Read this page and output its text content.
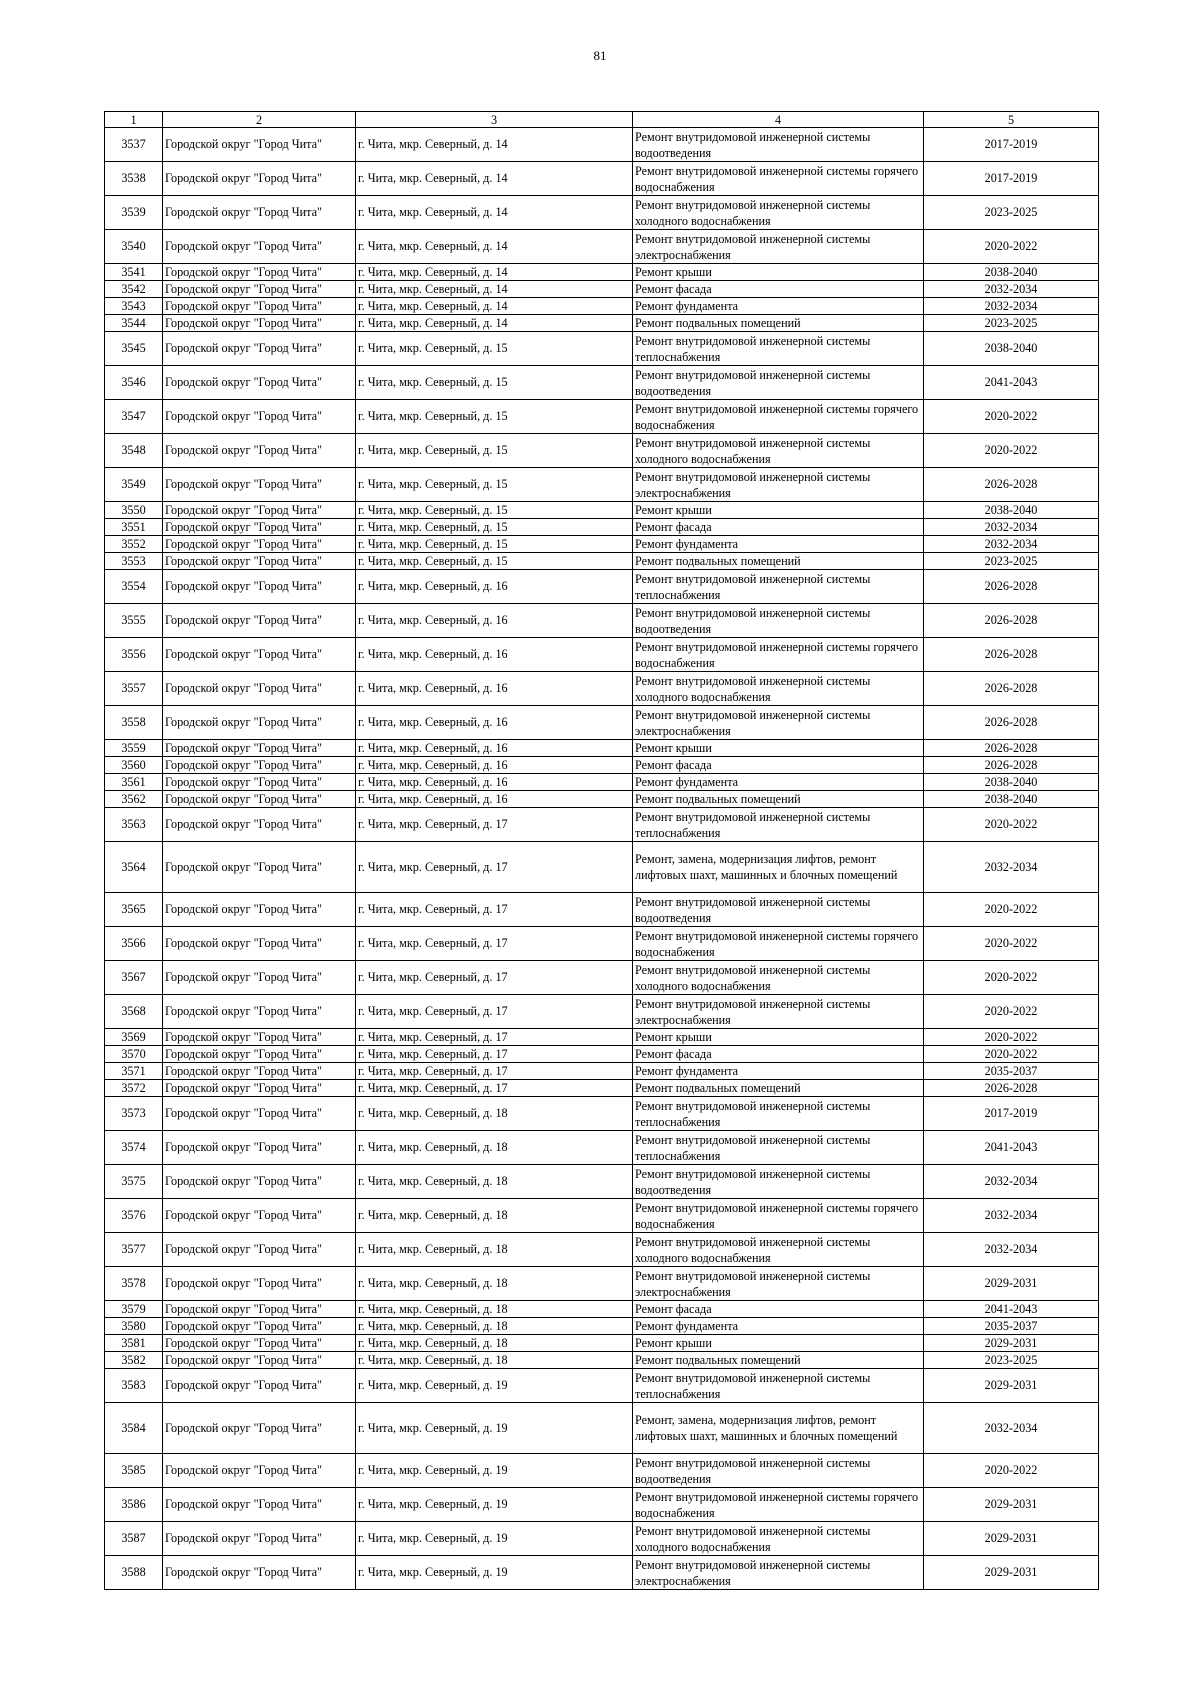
81
1	2	3	4	5
3537	Городской округ "Город Чита"	г. Чита, мкр. Северный, д. 14	Ремонт внутридомовой инженерной системы водоотведения	2017-2019
3538	Городской округ "Город Чита"	г. Чита, мкр. Северный, д. 14	Ремонт внутридомовой инженерной системы горячего водоснабжения	2017-2019
3539	Городской округ "Город Чита"	г. Чита, мкр. Северный, д. 14	Ремонт внутридомовой инженерной системы холодного водоснабжения	2023-2025
3540	Городской округ "Город Чита"	г. Чита, мкр. Северный, д. 14	Ремонт внутридомовой инженерной системы электроснабжения	2020-2022
3541	Городской округ "Город Чита"	г. Чита, мкр. Северный, д. 14	Ремонт крыши	2038-2040
3542	Городской округ "Город Чита"	г. Чита, мкр. Северный, д. 14	Ремонт фасада	2032-2034
3543	Городской округ "Город Чита"	г. Чита, мкр. Северный, д. 14	Ремонт фундамента	2032-2034
3544	Городской округ "Город Чита"	г. Чита, мкр. Северный, д. 14	Ремонт подвальных помещений	2023-2025
3545	Городской округ "Город Чита"	г. Чита, мкр. Северный, д. 15	Ремонт внутридомовой инженерной системы теплоснабжения	2038-2040
3546	Городской округ "Город Чита"	г. Чита, мкр. Северный, д. 15	Ремонт внутридомовой инженерной системы водоотведения	2041-2043
3547	Городской округ "Город Чита"	г. Чита, мкр. Северный, д. 15	Ремонт внутридомовой инженерной системы горячего водоснабжения	2020-2022
3548	Городской округ "Город Чита"	г. Чита, мкр. Северный, д. 15	Ремонт внутридомовой инженерной системы холодного водоснабжения	2020-2022
3549	Городской округ "Город Чита"	г. Чита, мкр. Северный, д. 15	Ремонт внутридомовой инженерной системы электроснабжения	2026-2028
3550	Городской округ "Город Чита"	г. Чита, мкр. Северный, д. 15	Ремонт крыши	2038-2040
3551	Городской округ "Город Чита"	г. Чита, мкр. Северный, д. 15	Ремонт фасада	2032-2034
3552	Городской округ "Город Чита"	г. Чита, мкр. Северный, д. 15	Ремонт фундамента	2032-2034
3553	Городской округ "Город Чита"	г. Чита, мкр. Северный, д. 15	Ремонт подвальных помещений	2023-2025
3554	Городской округ "Город Чита"	г. Чита, мкр. Северный, д. 16	Ремонт внутридомовой инженерной системы теплоснабжения	2026-2028
3555	Городской округ "Город Чита"	г. Чита, мкр. Северный, д. 16	Ремонт внутридомовой инженерной системы водоотведения	2026-2028
3556	Городской округ "Город Чита"	г. Чита, мкр. Северный, д. 16	Ремонт внутридомовой инженерной системы горячего водоснабжения	2026-2028
3557	Городской округ "Город Чита"	г. Чита, мкр. Северный, д. 16	Ремонт внутридомовой инженерной системы холодного водоснабжения	2026-2028
3558	Городской округ "Город Чита"	г. Чита, мкр. Северный, д. 16	Ремонт внутридомовой инженерной системы электроснабжения	2026-2028
3559	Городской округ "Город Чита"	г. Чита, мкр. Северный, д. 16	Ремонт крыши	2026-2028
3560	Городской округ "Город Чита"	г. Чита, мкр. Северный, д. 16	Ремонт фасада	2026-2028
3561	Городской округ "Город Чита"	г. Чита, мкр. Северный, д. 16	Ремонт фундамента	2038-2040
3562	Городской округ "Город Чита"	г. Чита, мкр. Северный, д. 16	Ремонт подвальных помещений	2038-2040
3563	Городской округ "Город Чита"	г. Чита, мкр. Северный, д. 17	Ремонт внутридомовой инженерной системы теплоснабжения	2020-2022
3564	Городской округ "Город Чита"	г. Чита, мкр. Северный, д. 17	Ремонт, замена, модернизация лифтов, ремонт лифтовых шахт, машинных и блочных помещений	2032-2034
3565	Городской округ "Город Чита"	г. Чита, мкр. Северный, д. 17	Ремонт внутридомовой инженерной системы водоотведения	2020-2022
3566	Городской округ "Город Чита"	г. Чита, мкр. Северный, д. 17	Ремонт внутридомовой инженерной системы горячего водоснабжения	2020-2022
3567	Городской округ "Город Чита"	г. Чита, мкр. Северный, д. 17	Ремонт внутридомовой инженерной системы холодного водоснабжения	2020-2022
3568	Городской округ "Город Чита"	г. Чита, мкр. Северный, д. 17	Ремонт внутридомовой инженерной системы электроснабжения	2020-2022
3569	Городской округ "Город Чита"	г. Чита, мкр. Северный, д. 17	Ремонт крыши	2020-2022
3570	Городской округ "Город Чита"	г. Чита, мкр. Северный, д. 17	Ремонт фасада	2020-2022
3571	Городской округ "Город Чита"	г. Чита, мкр. Северный, д. 17	Ремонт фундамента	2035-2037
3572	Городской округ "Город Чита"	г. Чита, мкр. Северный, д. 17	Ремонт подвальных помещений	2026-2028
3573	Городской округ "Город Чита"	г. Чита, мкр. Северный, д. 18	Ремонт внутридомовой инженерной системы теплоснабжения	2017-2019
3574	Городской округ "Город Чита"	г. Чита, мкр. Северный, д. 18	Ремонт внутридомовой инженерной системы теплоснабжения	2041-2043
3575	Городской округ "Город Чита"	г. Чита, мкр. Северный, д. 18	Ремонт внутридомовой инженерной системы водоотведения	2032-2034
3576	Городской округ "Город Чита"	г. Чита, мкр. Северный, д. 18	Ремонт внутридомовой инженерной системы горячего водоснабжения	2032-2034
3577	Городской округ "Город Чита"	г. Чита, мкр. Северный, д. 18	Ремонт внутридомовой инженерной системы холодного водоснабжения	2032-2034
3578	Городской округ "Город Чита"	г. Чита, мкр. Северный, д. 18	Ремонт внутридомовой инженерной системы электроснабжения	2029-2031
3579	Городской округ "Город Чита"	г. Чита, мкр. Северный, д. 18	Ремонт фасада	2041-2043
3580	Городской округ "Город Чита"	г. Чита, мкр. Северный, д. 18	Ремонт фундамента	2035-2037
3581	Городской округ "Город Чита"	г. Чита, мкр. Северный, д. 18	Ремонт крыши	2029-2031
3582	Городской округ "Город Чита"	г. Чита, мкр. Северный, д. 18	Ремонт подвальных помещений	2023-2025
3583	Городской округ "Город Чита"	г. Чита, мкр. Северный, д. 19	Ремонт внутридомовой инженерной системы теплоснабжения	2029-2031
3584	Городской округ "Город Чита"	г. Чита, мкр. Северный, д. 19	Ремонт, замена, модернизация лифтов, ремонт лифтовых шахт, машинных и блочных помещений	2032-2034
3585	Городской округ "Город Чита"	г. Чита, мкр. Северный, д. 19	Ремонт внутридомовой инженерной системы водоотведения	2020-2022
3586	Городской округ "Город Чита"	г. Чита, мкр. Северный, д. 19	Ремонт внутридомовой инженерной системы горячего водоснабжения	2029-2031
3587	Городской округ "Город Чита"	г. Чита, мкр. Северный, д. 19	Ремонт внутридомовой инженерной системы холодного водоснабжения	2029-2031
3588	Городской округ "Город Чита"	г. Чита, мкр. Северный, д. 19	Ремонт внутридомовой инженерной системы электроснабжения	2029-2031
